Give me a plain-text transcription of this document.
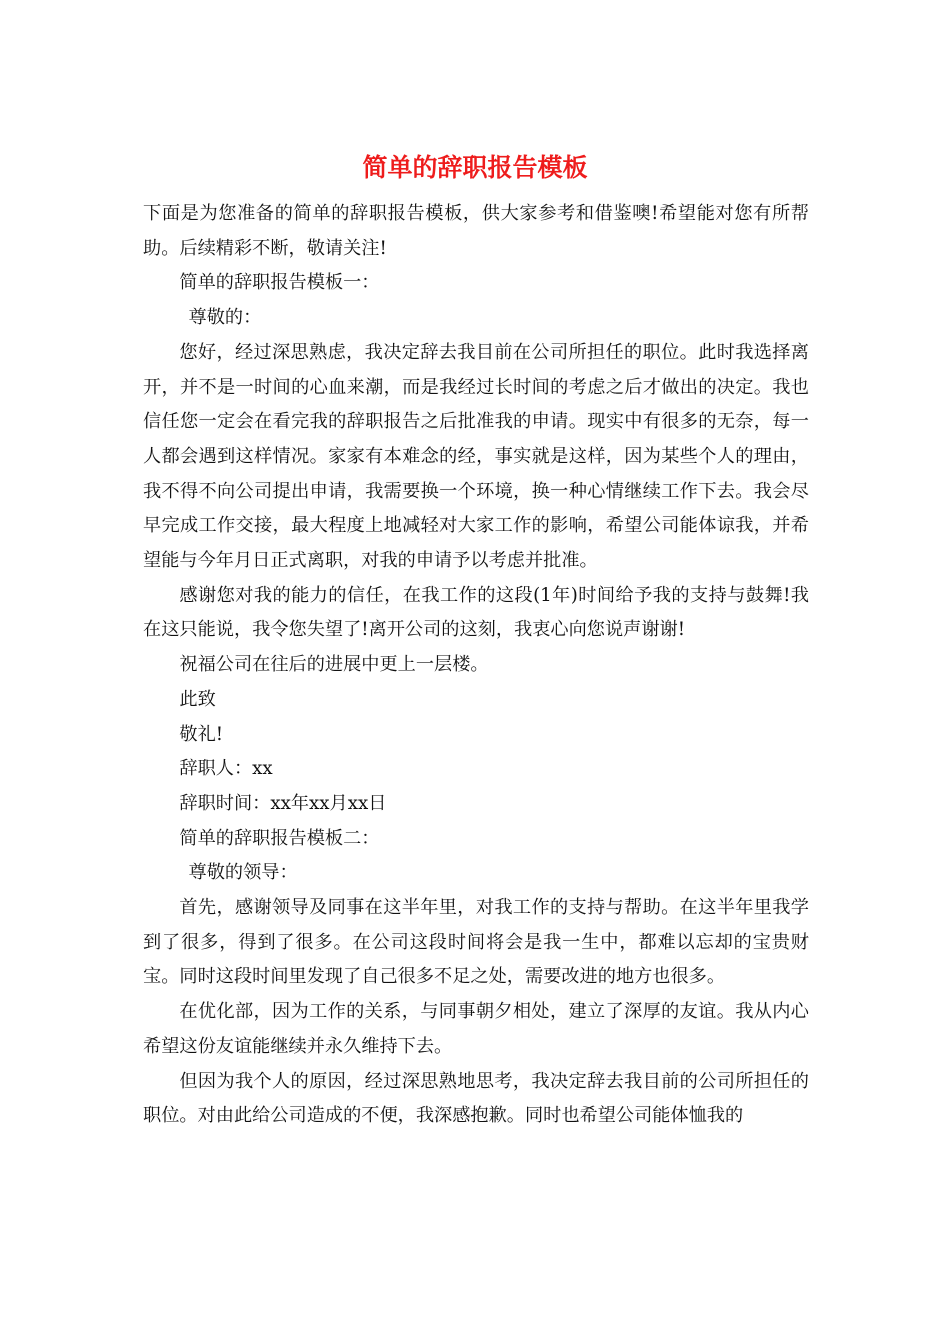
简单的辞职报告模板

下面是为您准备的简单的辞职报告模板，供大家参考和借鉴噢!希望能对您有所帮助。后续精彩不断，敬请关注!

简单的辞职报告模板一：

尊敬的：

您好，经过深思熟虑，我决定辞去我目前在公司所担任的职位。此时我选择离开，并不是一时间的心血来潮，而是我经过长时间的考虑之后才做出的决定。我也信任您一定会在看完我的辞职报告之后批准我的申请。现实中有很多的无奈，每一人都会遇到这样情况。家家有本难念的经，事实就是这样，因为某些个人的理由，我不得不向公司提出申请，我需要换一个环境，换一种心情继续工作下去。我会尽早完成工作交接，最大程度上地减轻对大家工作的影响，希望公司能体谅我，并希望能与今年月日正式离职，对我的申请予以考虑并批准。

感谢您对我的能力的信任，在我工作的这段(1年)时间给予我的支持与鼓舞!我在这只能说，我令您失望了!离开公司的这刻，我衷心向您说声谢谢!

祝福公司在往后的进展中更上一层楼。

此致

敬礼!

辞职人：xx

辞职时间：xx年xx月xx日

简单的辞职报告模板二：

尊敬的领导：

首先，感谢领导及同事在这半年里，对我工作的支持与帮助。在这半年里我学到了很多，得到了很多。在公司这段时间将会是我一生中，都难以忘却的宝贵财宝。同时这段时间里发现了自己很多不足之处，需要改进的地方也很多。

在优化部，因为工作的关系，与同事朝夕相处，建立了深厚的友谊。我从内心希望这份友谊能继续并永久维持下去。

但因为我个人的原因，经过深思熟地思考，我决定辞去我目前的公司所担任的职位。对由此给公司造成的不便，我深感抱歉。同时也希望公司能体恤我的
